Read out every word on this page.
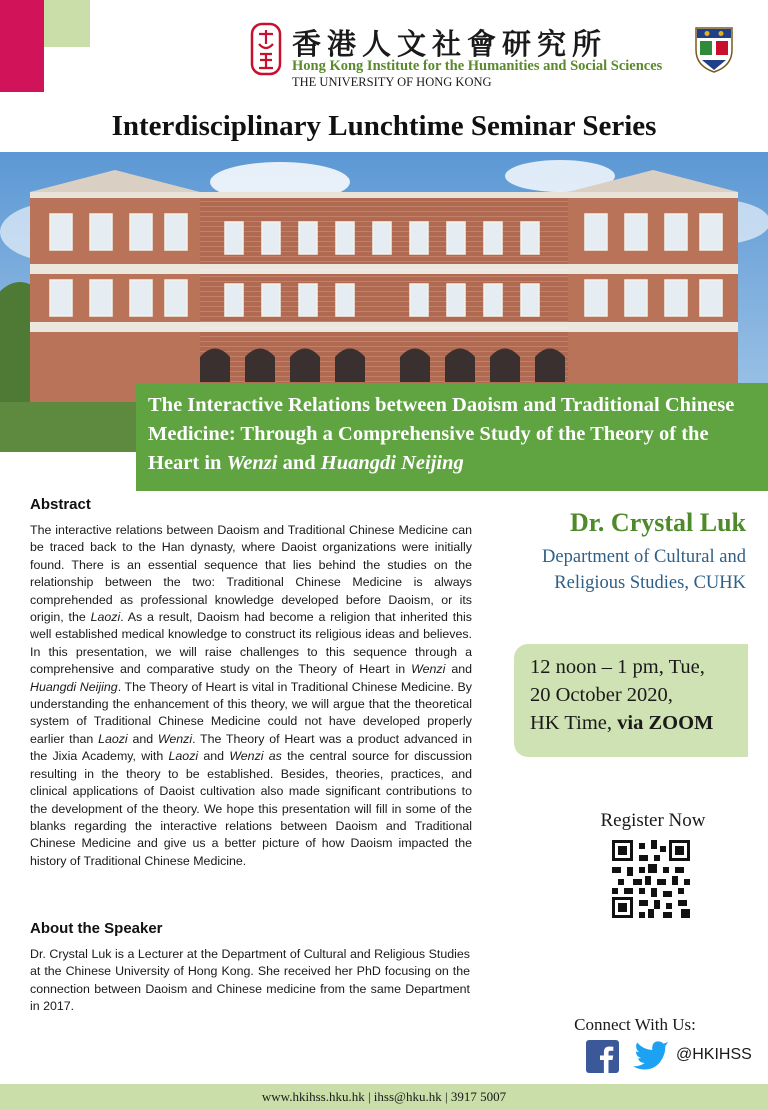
香港人文社會研究所
Hong Kong Institute for the Humanities and Social Sciences
THE UNIVERSITY OF HONG KONG
Interdisciplinary Lunchtime Seminar Series

The Interactive Relations between Daoism and Traditional Chinese Medicine: Through a Comprehensive Study of the Theory of the Heart in Wenzi and Huangdi Neijing

Abstract

The interactive relations between Daoism and Traditional Chinese Medicine can be traced back to the Han dynasty, where Daoist organizations were initially found. There is an essential sequence that lies behind the studies on the relationship between the two: Traditional Chinese Medicine is always comprehended as professional knowledge developed before Daoism, or its origin, the Laozi. As a result, Daoism had become a religion that inherited this well established medical knowledge to construct its religious ideas and believes. In this presentation, we will raise challenges to this sequence through a comprehensive and comparative study on the Theory of Heart in Wenzi and Huangdi Neijing. The Theory of Heart is vital in Traditional Chinese Medicine. By understanding the enhancement of this theory, we will argue that the theoretical system of Traditional Chinese Medicine could not have developed properly earlier than Laozi and Wenzi. The Theory of Heart was a product advanced in the Jixia Academy, with Laozi and Wenzi as the central source for discussion resulting in the theory to be established. Besides, theories, practices, and clinical applications of Daoist cultivation also made significant contributions to the development of the theory. We hope this presentation will fill in some of the blanks regarding the interactive relations between Daoism and Traditional Chinese Medicine and give us a better picture of how Daoism impacted the history of Traditional Chinese Medicine.

About the Speaker

Dr. Crystal Luk is a Lecturer at the Department of Cultural and Religious Studies at the Chinese University of Hong Kong. She received her PhD focusing on the connection between Daoism and Chinese medicine from the same Department in 2017.

Dr. Crystal Luk
Department of Cultural and
Religious Studies, CUHK
12 noon – 1 pm, Tue,
20 October 2020,
HK Time, via ZOOM
Register Now
Connect With Us:
@HKIHSS
www.hkihss.hku.hk | ihss@hku.hk | 3917 5007
